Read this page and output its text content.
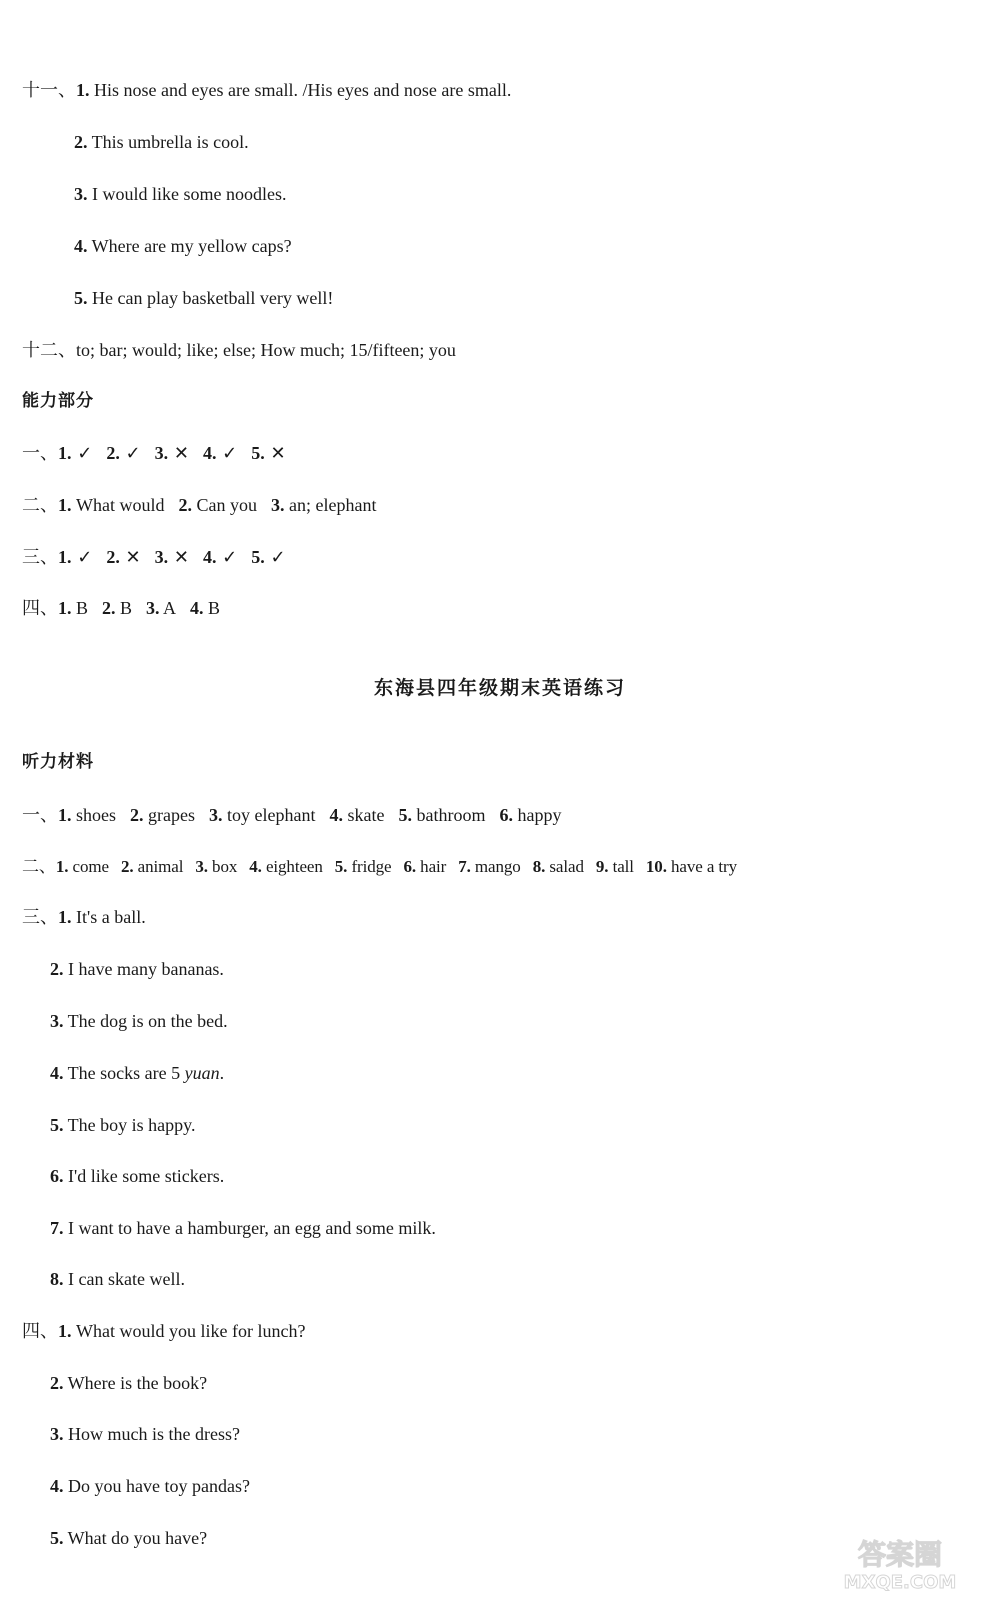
十一、1. His nose and eyes are small. /His eyes and nose are small.
2. This umbrella is cool.
3. I would like some noodles.
4. Where are my yellow caps?
5. He can play basketball very well!
十二、to; bar; would; like; else; How much; 15/fifteen; you
能力部分
一、1. ✓ 2. ✓ 3. ✕ 4. ✓ 5. ✕
二、1. What would 2. Can you 3. an; elephant
三、1. ✓ 2. ✕ 3. ✕ 4. ✓ 5. ✓
四、1. B 2. B 3. A 4. B
东海县四年级期末英语练习
听力材料
一、1. shoes 2. grapes 3. toy elephant 4. skate 5. bathroom 6. happy
二、1. come 2. animal 3. box 4. eighteen 5. fridge 6. hair 7. mango 8. salad 9. tall 10. have a try
三、1. It's a ball.
2. I have many bananas.
3. The dog is on the bed.
4. The socks are 5 yuan.
5. The boy is happy.
6. I'd like some stickers.
7. I want to have a hamburger, an egg and some milk.
8. I can skate well.
四、1. What would you like for lunch?
2. Where is the book?
3. How much is the dress?
4. Do you have toy pandas?
5. What do you have?	答案圈
MXQE.COM
